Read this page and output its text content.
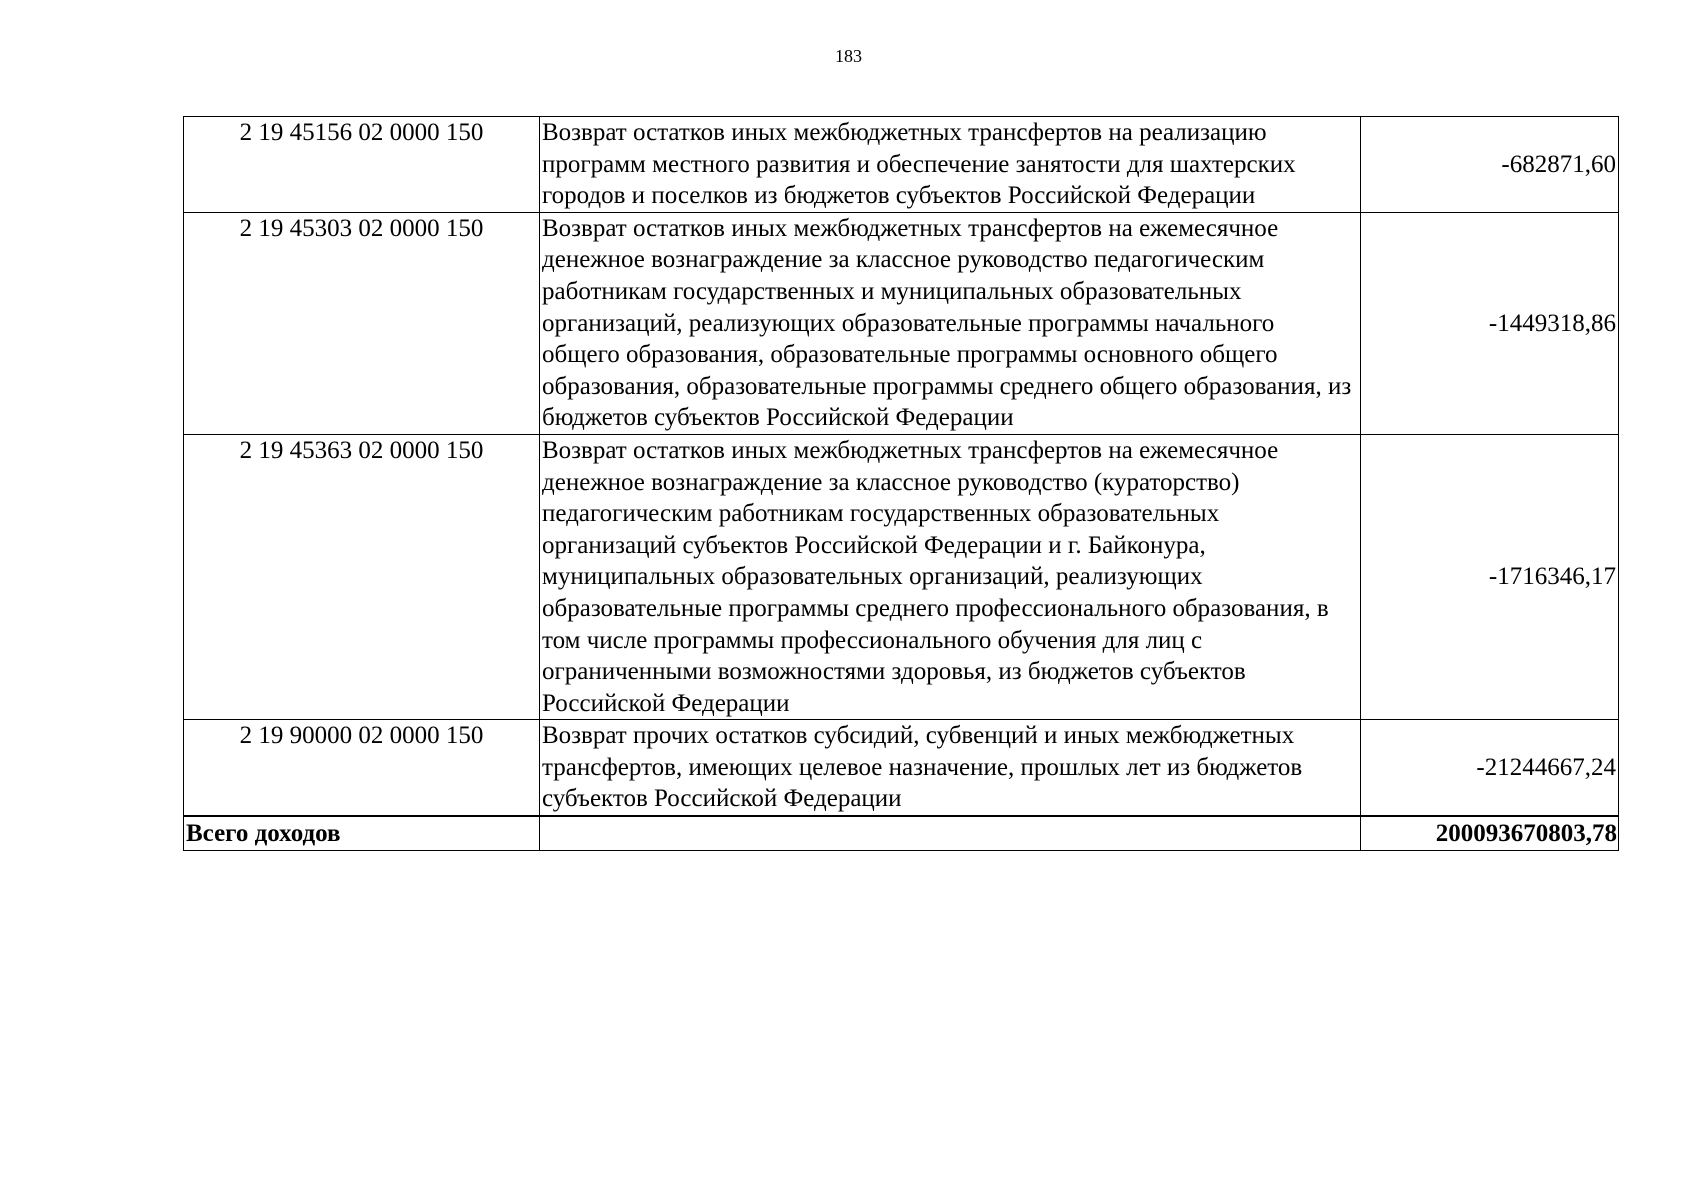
183
2 19 45156 02 0000 150	Возврат остатков иных межбюджетных трансфертов на реализацию программ местного развития и обеспечение занятости для шахтерских городов и поселков из бюджетов субъектов Российской Федерации	-682871,60
2 19 45303 02 0000 150	Возврат остатков иных межбюджетных трансфертов на ежемесячное денежное вознаграждение за классное руководство педагогическим работникам государственных и муниципальных образовательных организаций, реализующих образовательные программы начального общего образования, образовательные программы основного общего образования, образовательные программы среднего общего образования, из бюджетов субъектов Российской Федерации	-1449318,86
2 19 45363 02 0000 150	Возврат остатков иных межбюджетных трансфертов на ежемесячное денежное вознаграждение за классное руководство (кураторство) педагогическим работникам государственных образовательных организаций субъектов Российской Федерации и г. Байконура, муниципальных образовательных организаций, реализующих образовательные программы среднего профессионального образования, в том числе программы профессионального обучения для лиц с ограниченными возможностями здоровья, из бюджетов субъектов Российской Федерации	-1716346,17
2 19 90000 02 0000 150	Возврат прочих остатков субсидий, субвенций и иных межбюджетных трансфертов, имеющих целевое назначение, прошлых лет из бюджетов субъектов Российской Федерации	-21244667,24
Всего доходов		200093670803,78
